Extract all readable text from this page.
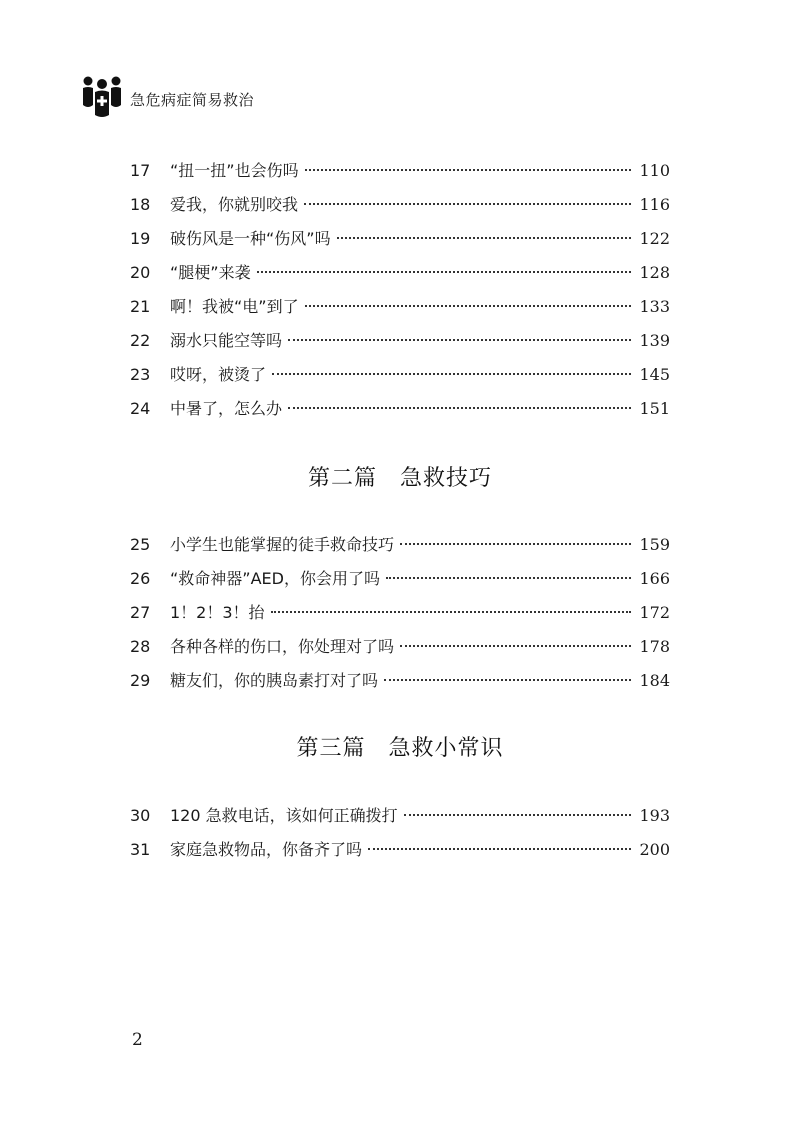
急危病症简易救治
17	“扭一扭”也会伤吗	110
18	爱我，你就别咬我	116
19	破伤风是一种“伤风”吗	122
20	“腿梗”来袭	128
21	啊！我被“电”到了	133
22	溺水只能空等吗	139
23	哎呀，被烫了	145
24	中暑了，怎么办	151
第二篇　急救技巧
25	小学生也能掌握的徒手救命技巧	159
26	“救命神器”AED，你会用了吗	166
27	1！2！3！抬	172
28	各种各样的伤口，你处理对了吗	178
29	糖友们，你的胰岛素打对了吗	184
第三篇　急救小常识
30	120 急救电话，该如何正确拨打	193
31	家庭急救物品，你备齐了吗	200
2
